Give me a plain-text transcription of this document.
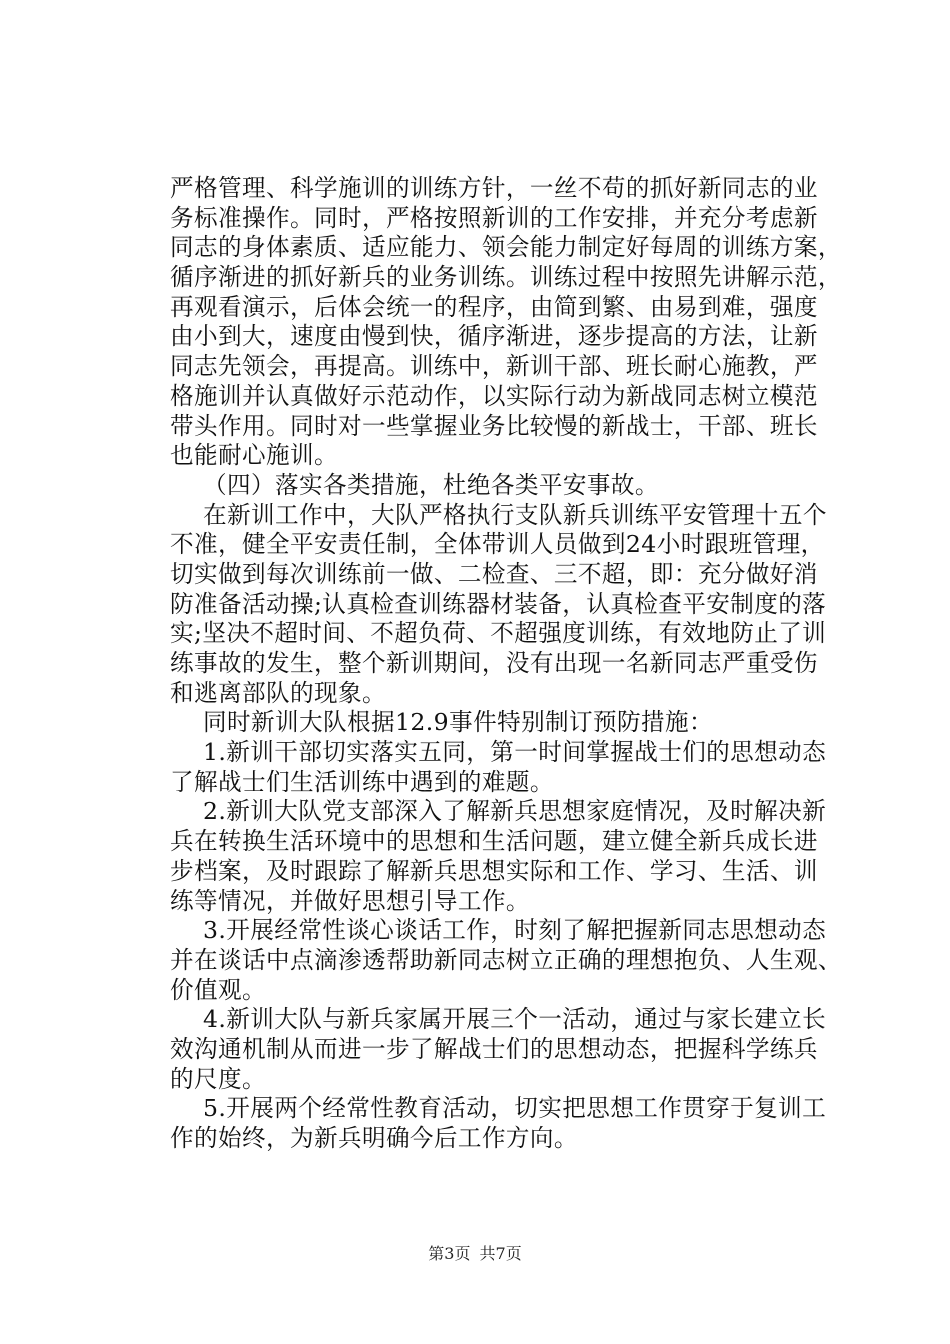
严格管理、科学施训的训练方针，一丝不苟的抓好新同志的业
务标准操作。同时，严格按照新训的工作安排，并充分考虑新
同志的身体素质、适应能力、领会能力制定好每周的训练方案，
循序渐进的抓好新兵的业务训练。训练过程中按照先讲解示范，
再观看演示，后体会统一的程序，由简到繁、由易到难，强度
由小到大，速度由慢到快，循序渐进，逐步提高的方法，让新
同志先领会，再提高。训练中，新训干部、班长耐心施教，严
格施训并认真做好示范动作，以实际行动为新战同志树立模范
带头作用。同时对一些掌握业务比较慢的新战士，干部、班长
也能耐心施训。
（四）落实各类措施，杜绝各类平安事故。
在新训工作中，大队严格执行支队新兵训练平安管理十五个
不准，健全平安责任制，全体带训人员做到24小时跟班管理，
切实做到每次训练前一做、二检查、三不超，即：充分做好消
防准备活动操;认真检查训练器材装备，认真检查平安制度的落
实;坚决不超时间、不超负荷、不超强度训练，有效地防止了训
练事故的发生，整个新训期间，没有出现一名新同志严重受伤
和逃离部队的现象。
同时新训大队根据12.9事件特别制订预防措施：
1.新训干部切实落实五同，第一时间掌握战士们的思想动态
了解战士们生活训练中遇到的难题。
2.新训大队党支部深入了解新兵思想家庭情况，及时解决新
兵在转换生活环境中的思想和生活问题，建立健全新兵成长进
步档案，及时跟踪了解新兵思想实际和工作、学习、生活、训
练等情况，并做好思想引导工作。
3.开展经常性谈心谈话工作，时刻了解把握新同志思想动态
并在谈话中点滴渗透帮助新同志树立正确的理想抱负、人生观、
价值观。
4.新训大队与新兵家属开展三个一活动，通过与家长建立长
效沟通机制从而进一步了解战士们的思想动态，把握科学练兵
的尺度。
5.开展两个经常性教育活动，切实把思想工作贯穿于复训工
作的始终，为新兵明确今后工作方向。
第3页 共7页
